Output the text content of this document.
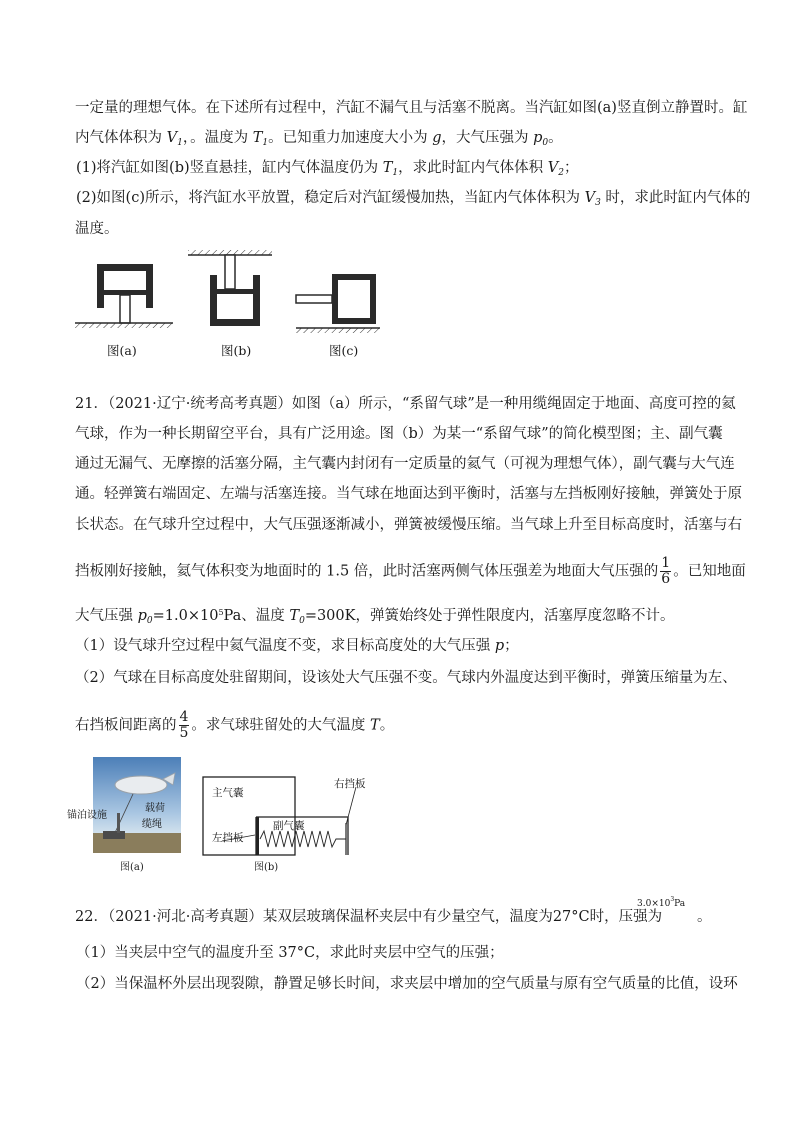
一定量的理想气体。在下述所有过程中，汽缸不漏气且与活塞不脱离。当汽缸如图(a)竖直倒立静置时。缸
内气体体积为 $V_1$，。温度为 $T_1$。已知重力加速度大小为 g，大气压强为 $p_0$。
(1)将汽缸如图(b)竖直悬挂，缸内气体温度仍为 $T_1$，求此时缸内气体体积 $V_2$；
(2)如图(c)所示，将汽缸水平放置，稳定后对汽缸缓慢加热，当缸内气体体积为 $V_3$ 时，求此时缸内气体的
温度。
图(a)	图(b)	图(c)
21．（2021·辽宁·统考高考真题）如图（a）所示，“系留气球”是一种用缆绳固定于地面、高度可控的氦
气球，作为一种长期留空平台，具有广泛用途。图（b）为某一“系留气球”的简化模型图；主、副气囊
通过无漏气、无摩擦的活塞分隔，主气囊内封闭有一定质量的氦气（可视为理想气体），副气囊与大气连
通。轻弹簧右端固定、左端与活塞连接。当气球在地面达到平衡时，活塞与左挡板刚好接触，弹簧处于原
长状态。在气球升空过程中，大气压强逐渐减小，弹簧被缓慢压缩。当气球上升至目标高度时，活塞与右
挡板刚好接触，氦气体积变为地面时的 1.5 倍，此时活塞两侧气体压强差为地面大气压强的 $\frac{1}{6}$ 。已知地面
大气压强 $p_0=1.0\times 10^5Pa$、温度 $T_0=300K$，弹簧始终处于弹性限度内，活塞厚度忽略不计。
（1）设气球升空过程中氦气温度不变，求目标高度处的大气压强 p；
（2）气球在目标高度处驻留期间，设该处大气压强不变。气球内外温度达到平衡时，弹簧压缩量为左、
右挡板间距离的 $\frac{4}{5}$ 。求气球驻留处的大气温度 T。
锚泊设施
载荷
缆绳
图(a)
主气囊
副气囊
左挡板
右挡板
图(b)
22．（2021·河北·高考真题）某双层玻璃保温杯夹层中有少量空气，温度为27°C时，压强为
$3.0\times 10^3Pa$
。
（1）当夹层中空气的温度升至 37°C，求此时夹层中空气的压强；
（2）当保温杯外层出现裂隙，静置足够长时间，求夹层中增加的空气质量与原有空气质量的比值，设环
